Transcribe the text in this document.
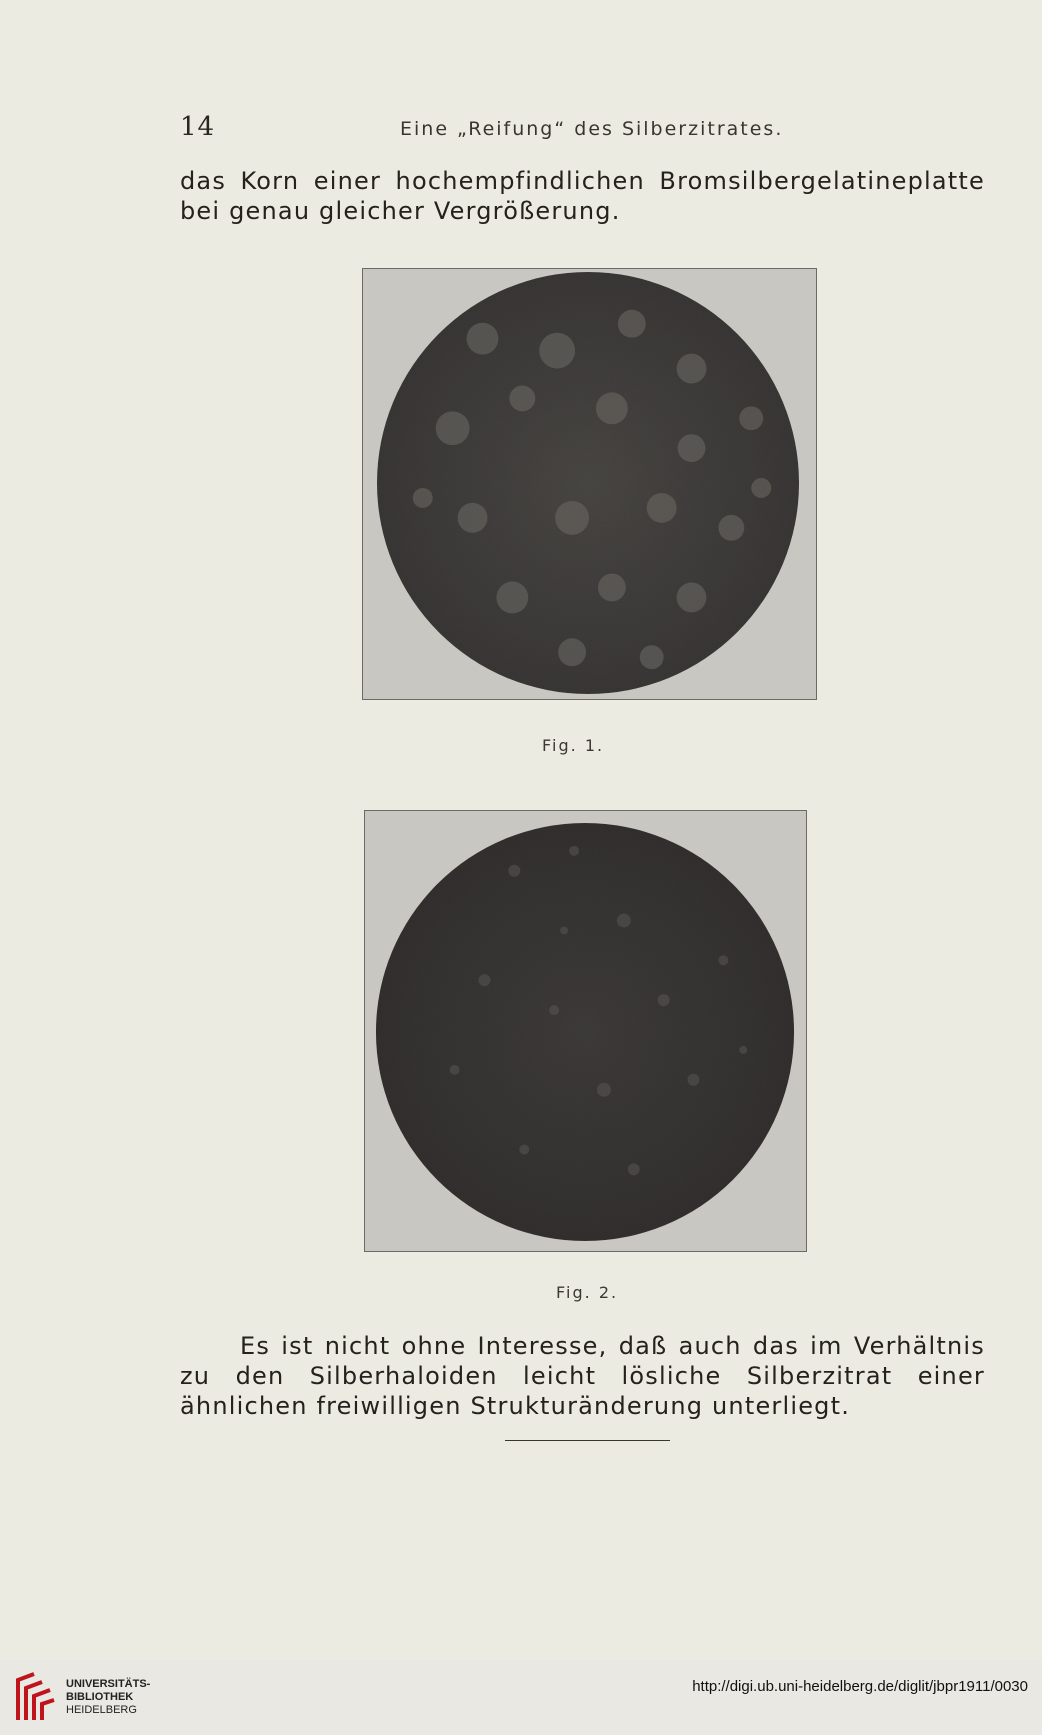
14	Eine „Reifung“ des Silberzitrates.
das Korn einer hochempfindlichen Bromsilbergelatineplatte bei genau gleicher Vergrößerung.
Fig. 1.
Fig. 2.
Es ist nicht ohne Interesse, daß auch das im Verhältnis zu den Silberhaloiden leicht lösliche Silberzitrat einer ähnlichen freiwilligen Strukturänderung unterliegt.
UNIVERSITÄTS-
BIBLIOTHEK
HEIDELBERG
http://digi.ub.uni-heidelberg.de/diglit/jbpr1911/0030
